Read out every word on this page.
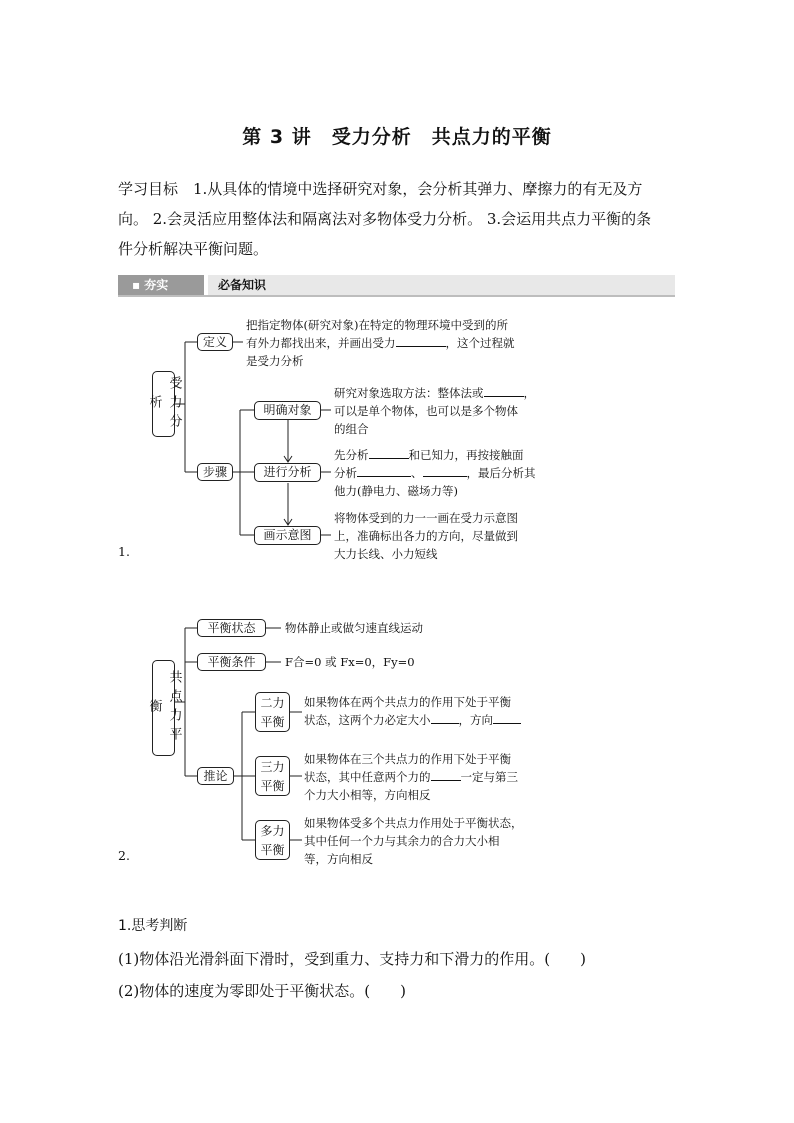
第 3 讲　受力分析　共点力的平衡
学习目标　1.从具体的情境中选择研究对象，会分析其弹力、摩擦力的有无及方
向。 2.会灵活应用整体法和隔离法对多物体受力分析。 3.会运用共点力平衡的条
件分析解决平衡问题。
▪ 夯实	必备知识
1.
受力分析
定义
把指定物体(研究对象)在特定的物理环境中受到的所
有外力都找出来，并画出受力	，这个过程就
是受力分析
步骤
明确对象
研究对象选取方法：整体法或	，
可以是单个物体，也可以是多个物体
的组合
进行分析
先分析	和已知力，再按接触面
分析	、	，最后分析其
他力(静电力、磁场力等)
画示意图
将物体受到的力一一画在受力示意图
上，准确标出各力的方向，尽量做到
大力长线、小力短线
2.
共点力平衡
平衡状态	物体静止或做匀速直线运动
平衡条件	F合=0 或 Fx=0，Fy=0
推论
二力平衡
如果物体在两个共点力的作用下处于平衡
状态，这两个力必定大小 ，方向
三力平衡
如果物体在三个共点力的作用下处于平衡
状态，其中任意两个力的	一定与第三
个力大小相等，方向相反
多力平衡
如果物体受多个共点力作用处于平衡状态，
其中任何一个力与其余力的合力大小相
等，方向相反
1.思考判断
(1)物体沿光滑斜面下滑时，受到重力、支持力和下滑力的作用。(　　)
(2)物体的速度为零即处于平衡状态。(　　)
